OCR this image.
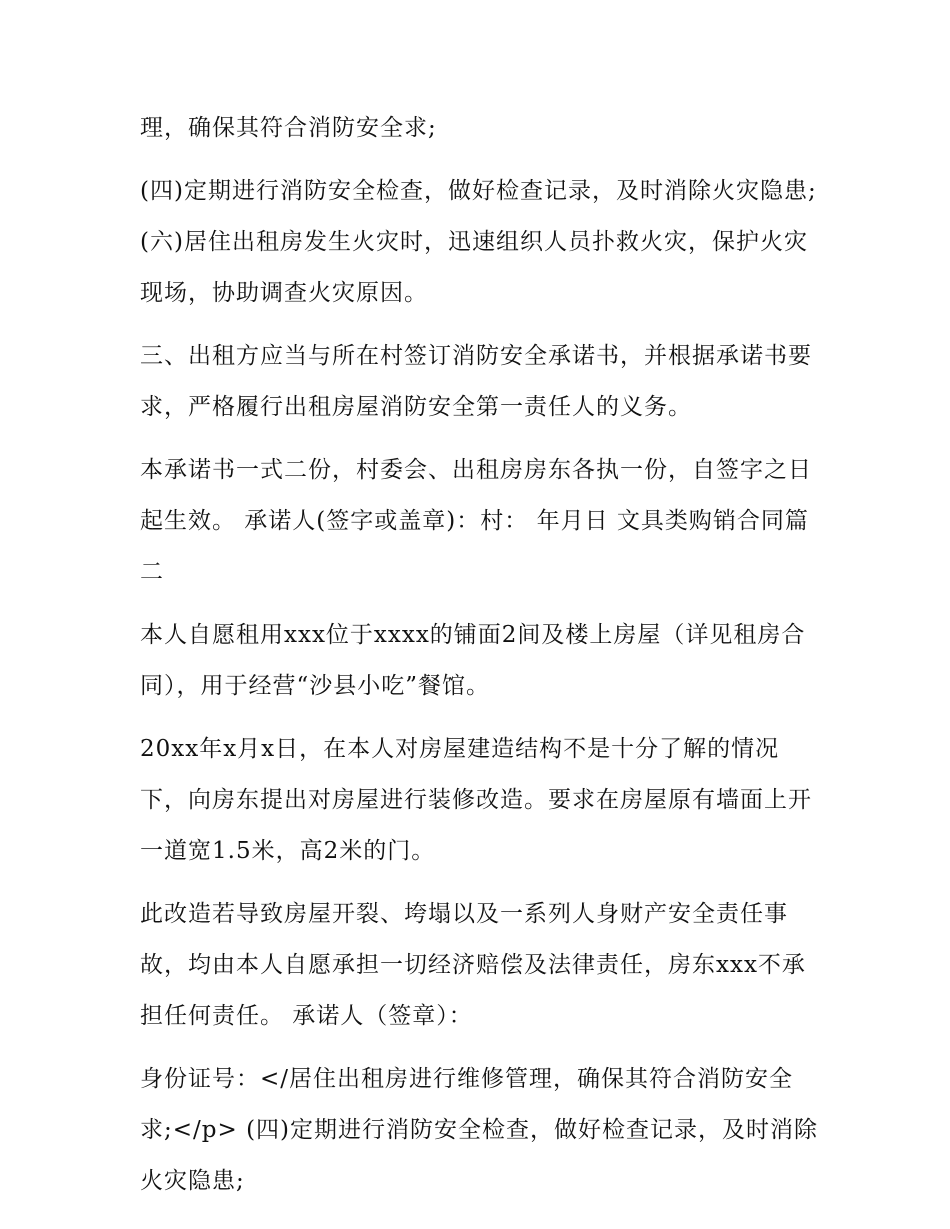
理，确保其符合消防安全求;

(四)定期进行消防安全检查，做好检查记录，及时消除火灾隐患;(六)居住出租房发生火灾时，迅速组织人员扑救火灾，保护火灾现场，协助调查火灾原因。

三、出租方应当与所在村签订消防安全承诺书，并根据承诺书要求，严格履行出租房屋消防安全第一责任人的义务。

本承诺书一式二份，村委会、出租房房东各执一份，自签字之日起生效。 承诺人(签字或盖章)：村： 年月日 文具类购销合同篇二

本人自愿租用xxx位于xxxx的铺面2间及楼上房屋（详见租房合同），用于经营“沙县小吃”餐馆。

20xx年x月x日，在本人对房屋建造结构不是十分了解的情况下，向房东提出对房屋进行装修改造。要求在房屋原有墙面上开一道宽1.5米，高2米的门。

此改造若导致房屋开裂、垮塌以及一系列人身财产安全责任事故，均由本人自愿承担一切经济赔偿及法律责任，房东xxx不承担任何责任。 承诺人（签章）：

身份证号：</居住出租房进行维修管理，确保其符合消防安全求;</p> (四)定期进行消防安全检查，做好检查记录，及时消除火灾隐患;
